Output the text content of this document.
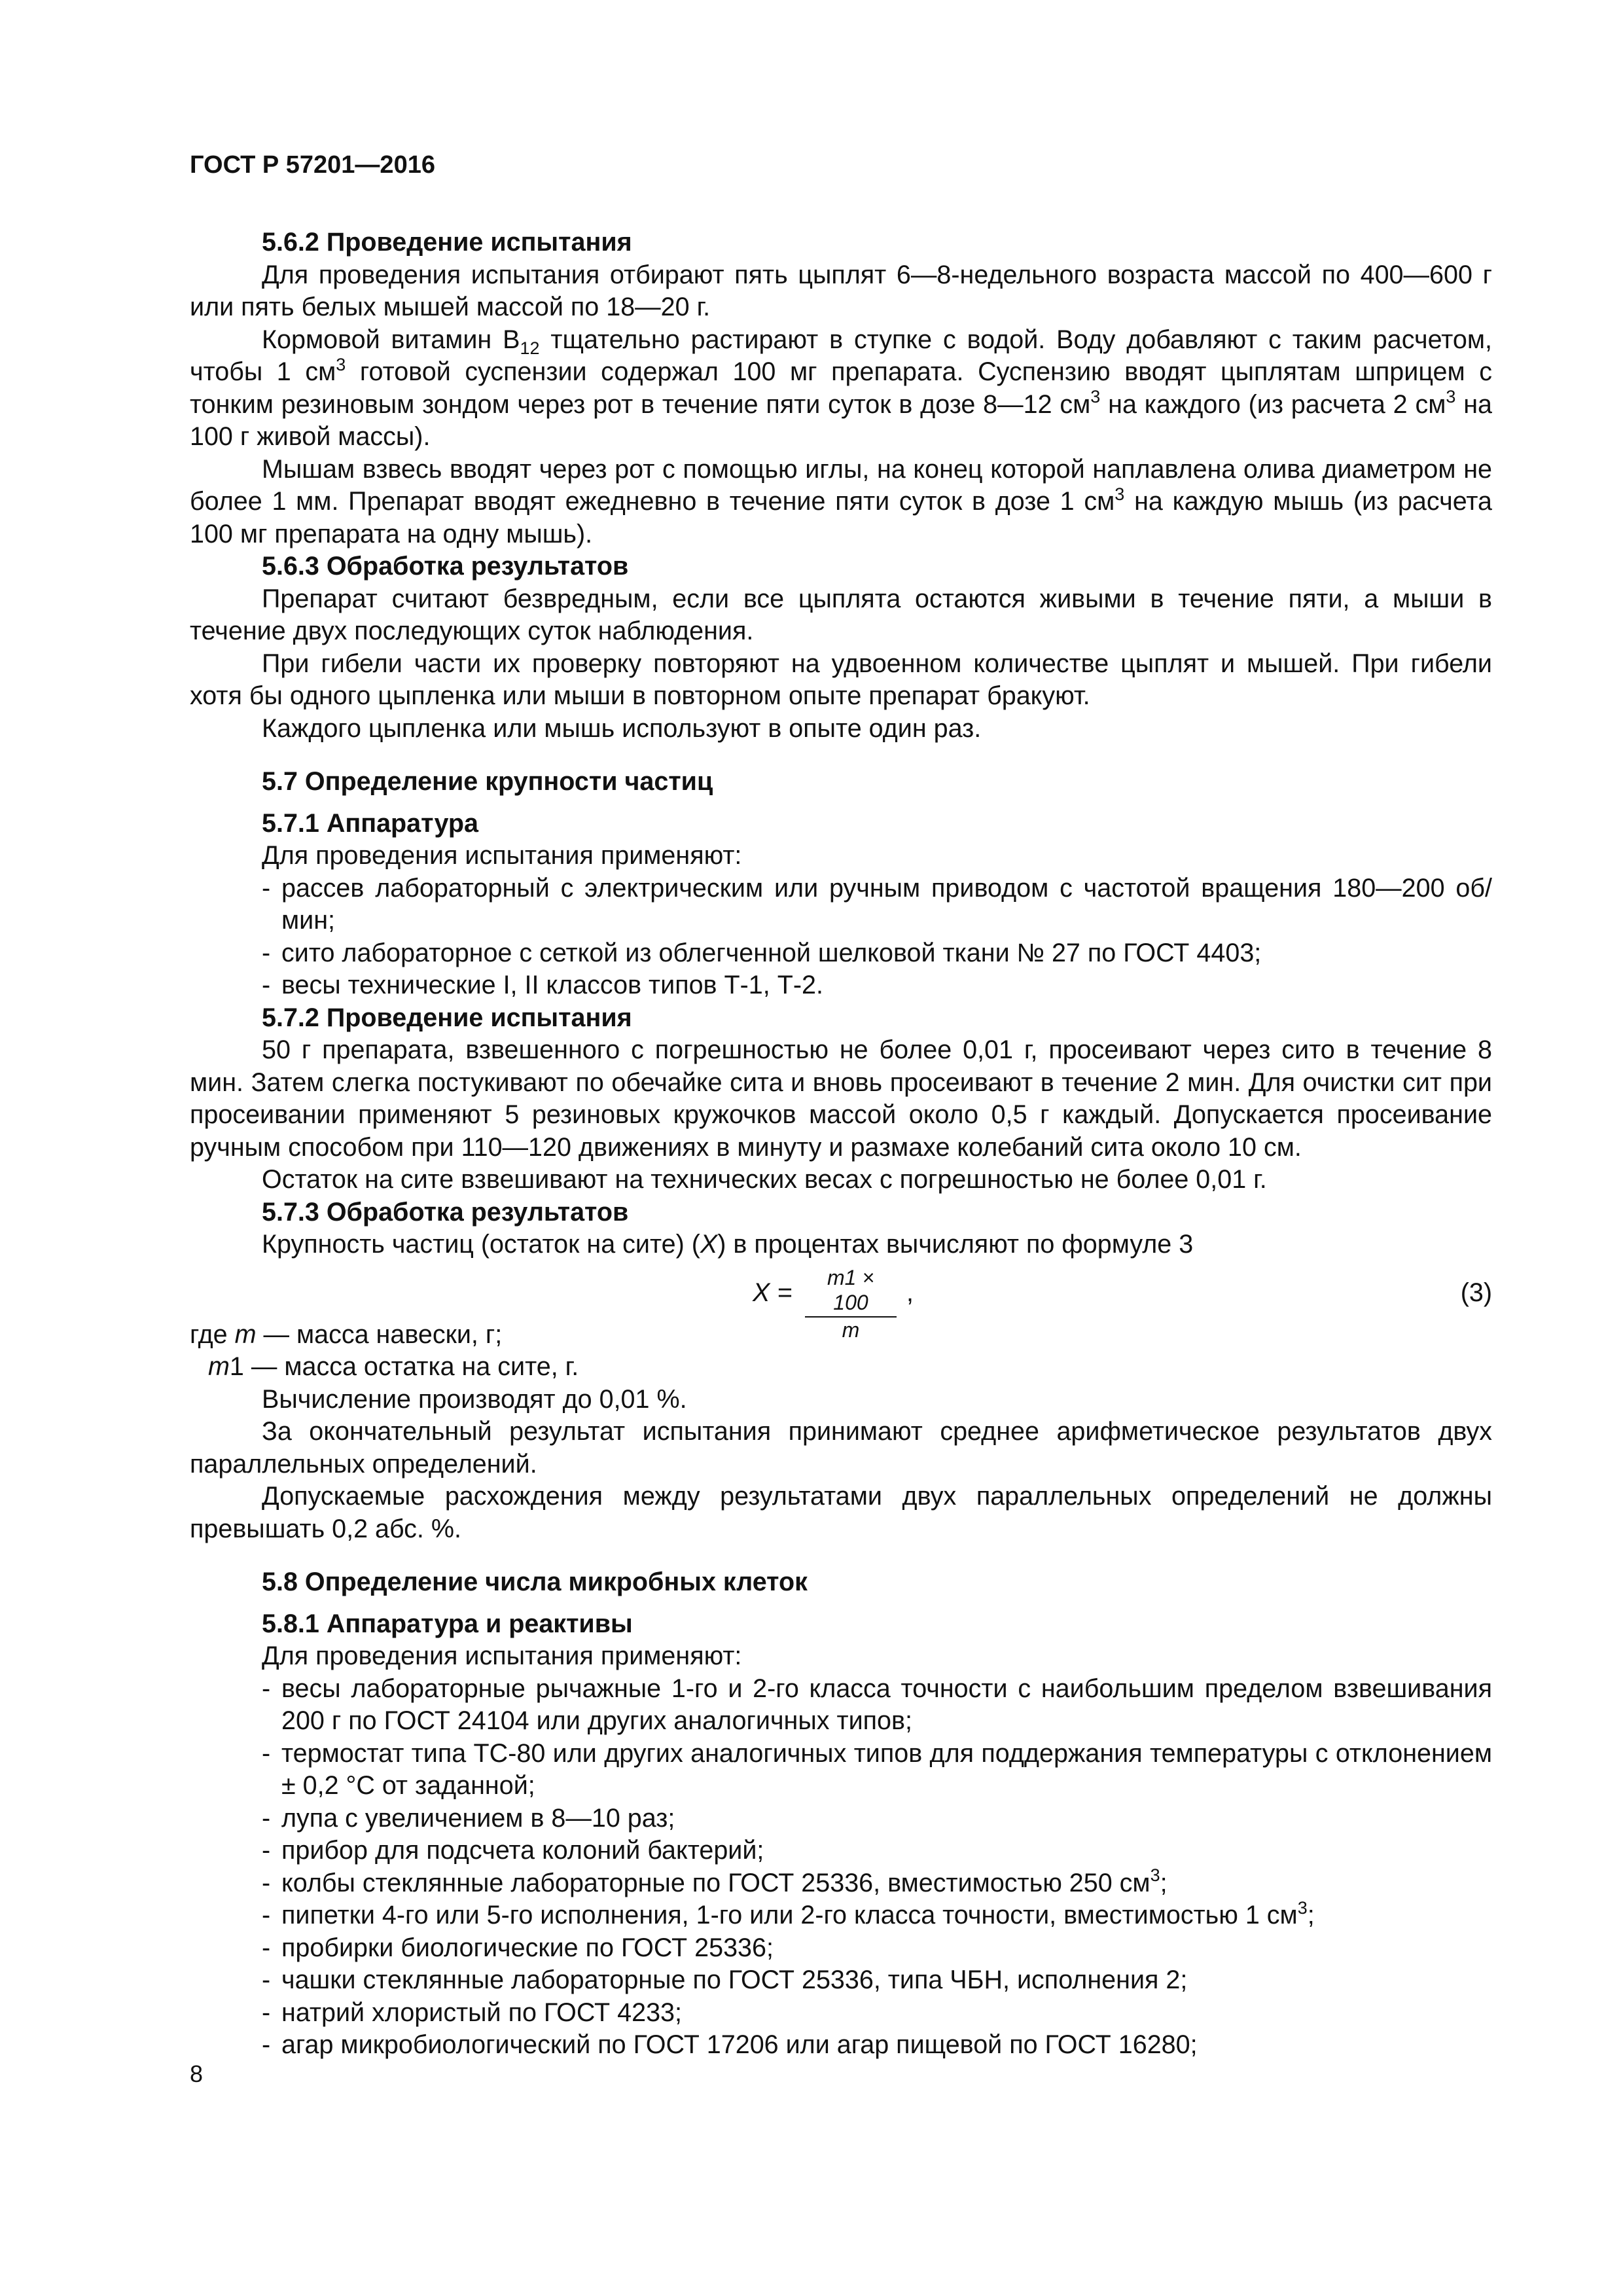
ГОСТ Р 57201—2016

5.6.2 Проведение испытания

Для проведения испытания отбирают пять цыплят 6—8-недельного возраста массой по 400—600 г или пять белых мышей массой по 18—20 г.

Кормовой витамин $B_{12}$ тщательно растирают в ступке с водой. Воду добавляют с таким расчетом, чтобы 1 $см^3$ готовой суспензии содержал 100 мг препарата. Суспензию вводят цыплятам шприцем с тонким резиновым зондом через рот в течение пяти суток в дозе 8—12 $см^3$ на каждого (из расчета 2 $см^3$ на 100 г живой массы).

Мышам взвесь вводят через рот с помощью иглы, на конец которой наплавлена олива диаметром не более 1 мм. Препарат вводят ежедневно в течение пяти суток в дозе 1 $см^3$ на каждую мышь (из расчета 100 мг препарата на одну мышь).

5.6.3 Обработка результатов

Препарат считают безвредным, если все цыплята остаются живыми в течение пяти, а мыши в течение двух последующих суток наблюдения.

При гибели части их проверку повторяют на удвоенном количестве цыплят и мышей. При гибели хотя бы одного цыпленка или мыши в повторном опыте препарат бракуют.

Каждого цыпленка или мышь используют в опыте один раз.

5.7 Определение крупности частиц

5.7.1 Аппаратура

Для проведения испытания применяют:

- рассев лабораторный с электрическим или ручным приводом с частотой вращения 180—200 об/мин;

- сито лабораторное с сеткой из облегченной шелковой ткани № 27 по ГОСТ 4403;

- весы технические I, II классов типов Т-1, Т-2.

5.7.2 Проведение испытания

50 г препарата, взвешенного с погрешностью не более 0,01 г, просеивают через сито в течение 8 мин. Затем слегка постукивают по обечайке сита и вновь просеивают в течение 2 мин. Для очистки сит при просеивании применяют 5 резиновых кружочков массой около 0,5 г каждый. Допускается просеивание ручным способом при 110—120 движениях в минуту и размахе колебаний сита около 10 см.

Остаток на сите взвешивают на технических весах с погрешностью не более 0,01 г.

5.7.3 Обработка результатов

Крупность частиц (остаток на сите) (X) в процентах вычисляют по формуле 3

$X = \frac{m1 \times 100}{m}$ ,	(3)

где m — масса навески, г;

m1 — масса остатка на сите, г.

Вычисление производят до 0,01 %.

За окончательный результат испытания принимают среднее арифметическое результатов двух параллельных определений.

Допускаемые расхождения между результатами двух параллельных определений не должны превышать 0,2 абс. %.

5.8 Определение числа микробных клеток

5.8.1 Аппаратура и реактивы

Для проведения испытания применяют:

- весы лабораторные рычажные 1-го и 2-го класса точности с наибольшим пределом взвешивания 200 г по ГОСТ 24104 или других аналогичных типов;

- термостат типа ТС-80 или других аналогичных типов для поддержания температуры с отклонением ± 0,2 °С от заданной;

- лупа с увеличением в 8—10 раз;

- прибор для подсчета колоний бактерий;

- колбы стеклянные лабораторные по ГОСТ 25336, вместимостью 250 $см^3$;

- пипетки 4-го или 5-го исполнения, 1-го или 2-го класса точности, вместимостью 1 $см^3$;

- пробирки биологические по ГОСТ 25336;

- чашки стеклянные лабораторные по ГОСТ 25336, типа ЧБН, исполнения 2;

- натрий хлористый по ГОСТ 4233;

- агар микробиологический по ГОСТ 17206 или агар пищевой по ГОСТ 16280;

8
